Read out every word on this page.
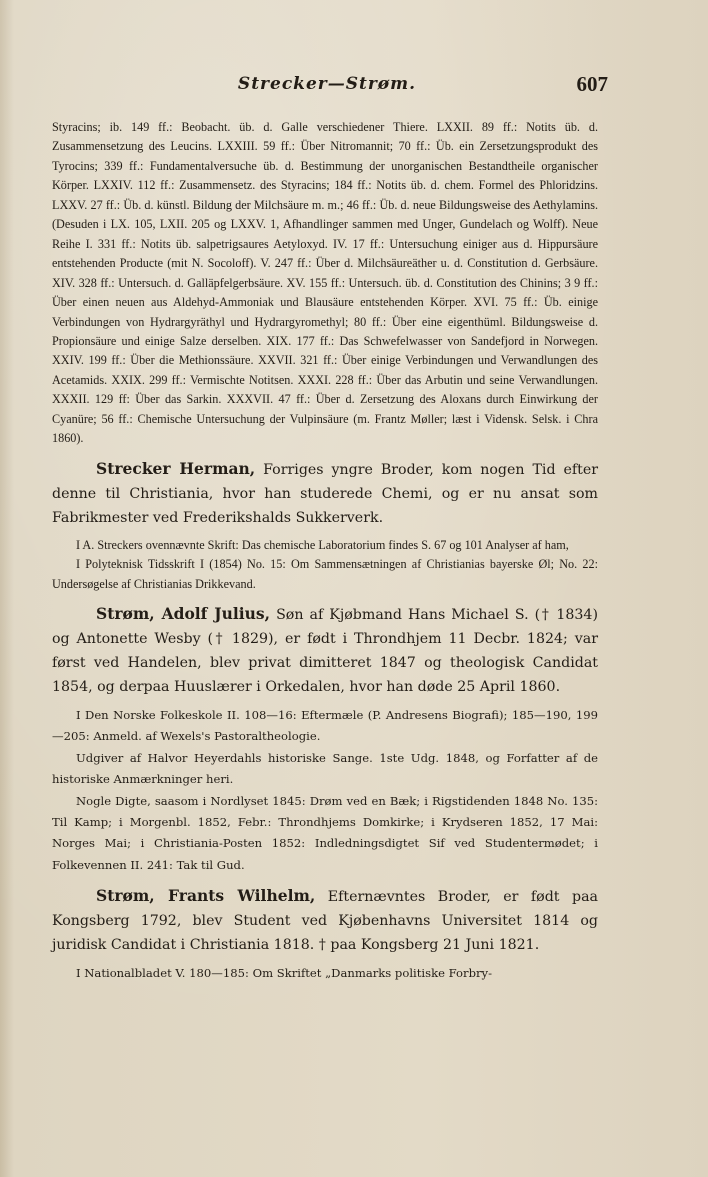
Strecker—Strøm.	607

Styracins; ib. 149 ff.: Beobacht. üb. d. Galle verschiedener Thiere. LXXII. 89 ff.: Notits üb. d. Zusammensetzung des Leucins. LXXIII. 59 ff.: Über Nitromannit; 70 ff.: Üb. ein Zersetzungsprodukt des Tyrocins; 339 ff.: Fundamentalversuche üb. d. Bestimmung der unorganischen Bestandtheile organischer Körper. LXXIV. 112 ff.: Zusammensetz. des Styracins; 184 ff.: Notits üb. d. chem. Formel des Phloridzins. LXXV. 27 ff.: Üb. d. künstl. Bildung der Milchsäure m. m.; 46 ff.: Üb. d. neue Bildungsweise des Aethylamins. (Desuden i LX. 105, LXII. 205 og LXXV. 1, Afhandlinger sammen med Unger, Gundelach og Wolff). Neue Reihe I. 331 ff.: Notits üb. salpetrigsaures Aetyloxyd. IV. 17 ff.: Untersuchung einiger aus d. Hippursäure entstehenden Producte (mit N. Socoloff). V. 247 ff.: Über d. Milchsäureäther u. d. Constitution d. Gerbsäure. XIV. 328 ff.: Untersuch. d. Galläpfelgerbsäure. XV. 155 ff.: Untersuch. üb. d. Constitution des Chinins; 3 9 ff.: Über einen neuen aus Aldehyd-Ammoniak und Blausäure entstehenden Körper. XVI. 75 ff.: Üb. einige Verbindungen von Hydrargyräthyl und Hydrargyromethyl; 80 ff.: Über eine eigenthüml. Bildungsweise d. Propionsäure und einige Salze derselben. XIX. 177 ff.: Das Schwefelwasser von Sandefjord in Norwegen. XXIV. 199 ff.: Über die Methionssäure. XXVII. 321 ff.: Über einige Verbindungen und Verwandlungen des Acetamids. XXIX. 299 ff.: Vermischte Notitsen. XXXI. 228 ff.: Über das Arbutin und seine Verwandlungen. XXXII. 129 ff: Über das Sarkin. XXXVII. 47 ff.: Über d. Zersetzung des Aloxans durch Einwirkung der Cyanüre; 56 ff.: Chemische Untersuchung der Vulpinsäure (m. Frantz Møller; læst i Vidensk. Selsk. i Chra 1860).

Strecker Herman, Forriges yngre Broder, kom nogen Tid efter denne til Christiania, hvor han studerede Chemi, og er nu ansat som Fabrikmester ved Frederikshalds Sukkerverk.

I A. Streckers ovennævnte Skrift: Das chemische Laboratorium findes S. 67 og 101 Analyser af ham,

I Polyteknisk Tidsskrift I (1854) No. 15: Om Sammensætningen af Christianias bayerske Øl; No. 22: Undersøgelse af Christianias Drikkevand.

Strøm, Adolf Julius, Søn af Kjøbmand Hans Michael S. († 1834) og Antonette Wesby († 1829), er født i Throndhjem 11 Decbr. 1824; var først ved Handelen, blev privat dimitteret 1847 og theologisk Candidat 1854, og derpaa Huuslærer i Orkedalen, hvor han døde 25 April 1860.

I Den Norske Folkeskole II. 108—16: Eftermæle (P. Andresens Biografi); 185—190, 199—205: Anmeld. af Wexels's Pastoraltheologie.

Udgiver af Halvor Heyerdahls historiske Sange. 1ste Udg. 1848, og Forfatter af de historiske Anmærkninger heri.

Nogle Digte, saasom i Nordlyset 1845: Drøm ved en Bæk; i Rigstidenden 1848 No. 135: Til Kamp; i Morgenbl. 1852, Febr.: Throndhjems Domkirke; i Krydseren 1852, 17 Mai: Norges Mai; i Christiania-Posten 1852: Indledningsdigtet Sif ved Studentermødet; i Folkevennen II. 241: Tak til Gud.

Strøm, Frants Wilhelm, Efternævntes Broder, er født paa Kongsberg 1792, blev Student ved Kjøbenhavns Universitet 1814 og juridisk Candidat i Christiania 1818. † paa Kongsberg 21 Juni 1821.

I Nationalbladet V. 180—185: Om Skriftet „Danmarks politiske Forbry-
